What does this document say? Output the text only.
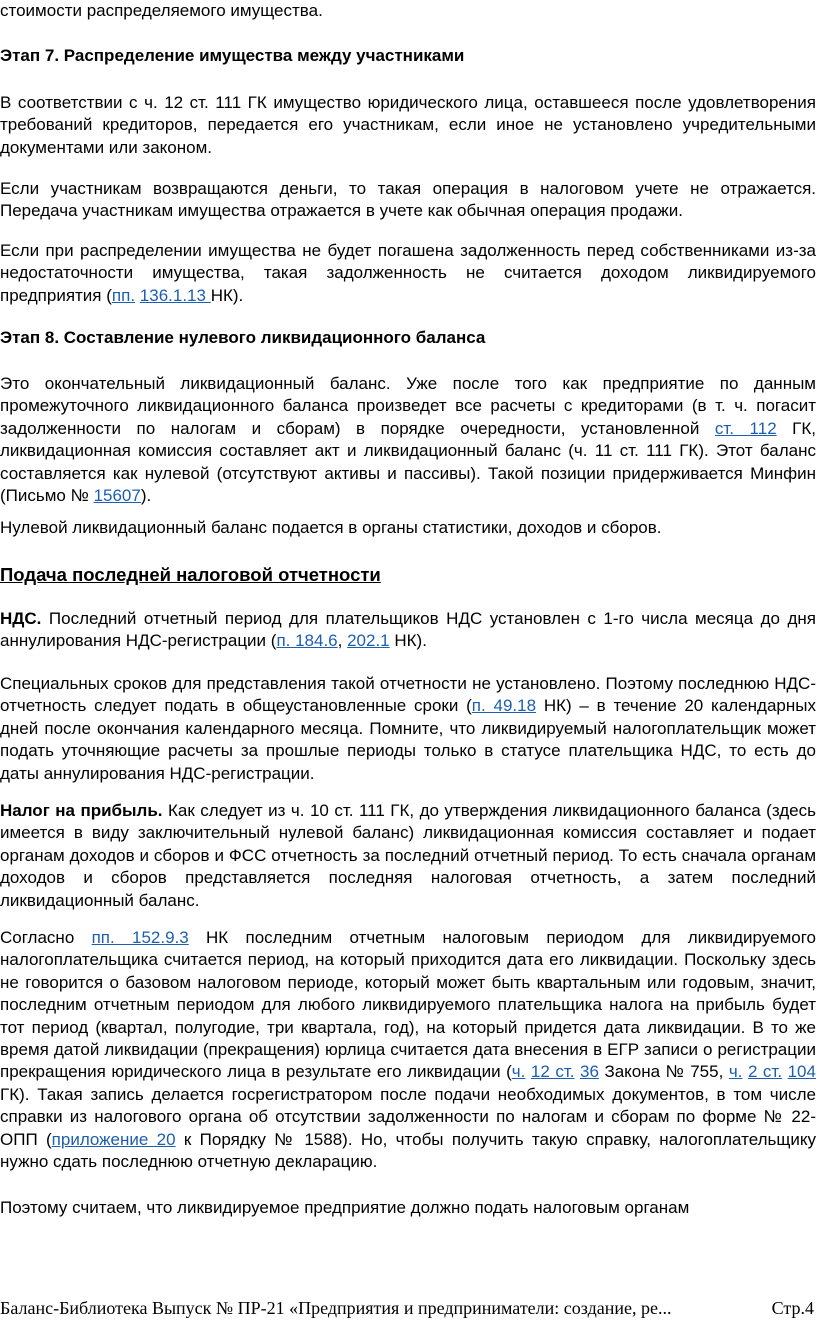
стоимости распределяемого имущества.

Этап 7. Распределение имущества между участниками

В соответствии с ч. 12 ст. 111 ГК имущество юридического лица, оставшееся после удовлетворения требований кредиторов, передается его участникам, если иное не установлено учредительными документами или законом.

Если участникам возвращаются деньги, то такая операция в налоговом учете не отражается. Передача участникам имущества отражается в учете как обычная операция продажи.

Если при распределении имущества не будет погашена задолженность перед собственниками из-за недостаточности имущества, такая задолженность не считается доходом ликвидируемого предприятия (пп. 136.1.13 НК).

Этап 8. Составление нулевого ликвидационного баланса

Это окончательный ликвидационный баланс. Уже после того как предприятие по данным промежуточного ликвидационного баланса произведет все расчеты с кредиторами (в т. ч. погасит задолженности по налогам и сборам) в порядке очередности, установленной ст. 112 ГК, ликвидационная комиссия составляет акт и ликвидационный баланс (ч. 11 ст. 111 ГК). Этот баланс составляется как нулевой (отсутствуют активы и пассивы). Такой позиции придерживается Минфин (Письмо № 15607).

Нулевой ликвидационный баланс подается в органы статистики, доходов и сборов.

Подача последней налоговой отчетности

НДС. Последний отчетный период для плательщиков НДС установлен с 1-го числа месяца до дня аннулирования НДС-регистрации (п. 184.6, 202.1 НК).

Специальных сроков для представления такой отчетности не установлено. Поэтому последнюю НДС-отчетность следует подать в общеустановленные сроки (п. 49.18 НК) – в течение 20 календарных дней после окончания календарного месяца. Помните, что ликвидируемый налогоплательщик может подать уточняющие расчеты за прошлые периоды только в статусе плательщика НДС, то есть до даты аннулирования НДС-регистрации.

Налог на прибыль. Как следует из ч. 10 ст. 111 ГК, до утверждения ликвидационного баланса (здесь имеется в виду заключительный нулевой баланс) ликвидационная комиссия составляет и подает органам доходов и сборов и ФСС отчетность за последний отчетный период. То есть сначала органам доходов и сборов представляется последняя налоговая отчетность, а затем последний ликвидационный баланс.

Согласно пп. 152.9.3 НК последним отчетным налоговым периодом для ликвидируемого налогоплательщика считается период, на который приходится дата его ликвидации. Поскольку здесь не говорится о базовом налоговом периоде, который может быть квартальным или годовым, значит, последним отчетным периодом для любого ликвидируемого плательщика налога на прибыль будет тот период (квартал, полугодие, три квартала, год), на который придется дата ликвидации. В то же время датой ликвидации (прекращения) юрлица считается дата внесения в ЕГР записи о регистрации прекращения юридического лица в результате его ликвидации (ч. 12 ст. 36 Закона № 755, ч. 2 ст. 104 ГК). Такая запись делается госрегистратором после подачи необходимых документов, в том числе справки из налогового органа об отсутствии задолженности по налогам и сборам по форме № 22-ОПП (приложение 20 к Порядку № 1588). Но, чтобы получить такую справку, налогоплательщику нужно сдать последнюю отчетную декларацию.

Поэтому считаем, что ликвидируемое предприятие должно подать налоговым органам

Баланс-Библиотека Выпуск № ПР-21 «Предприятия и предприниматели: создание, ре...	Стр.4
